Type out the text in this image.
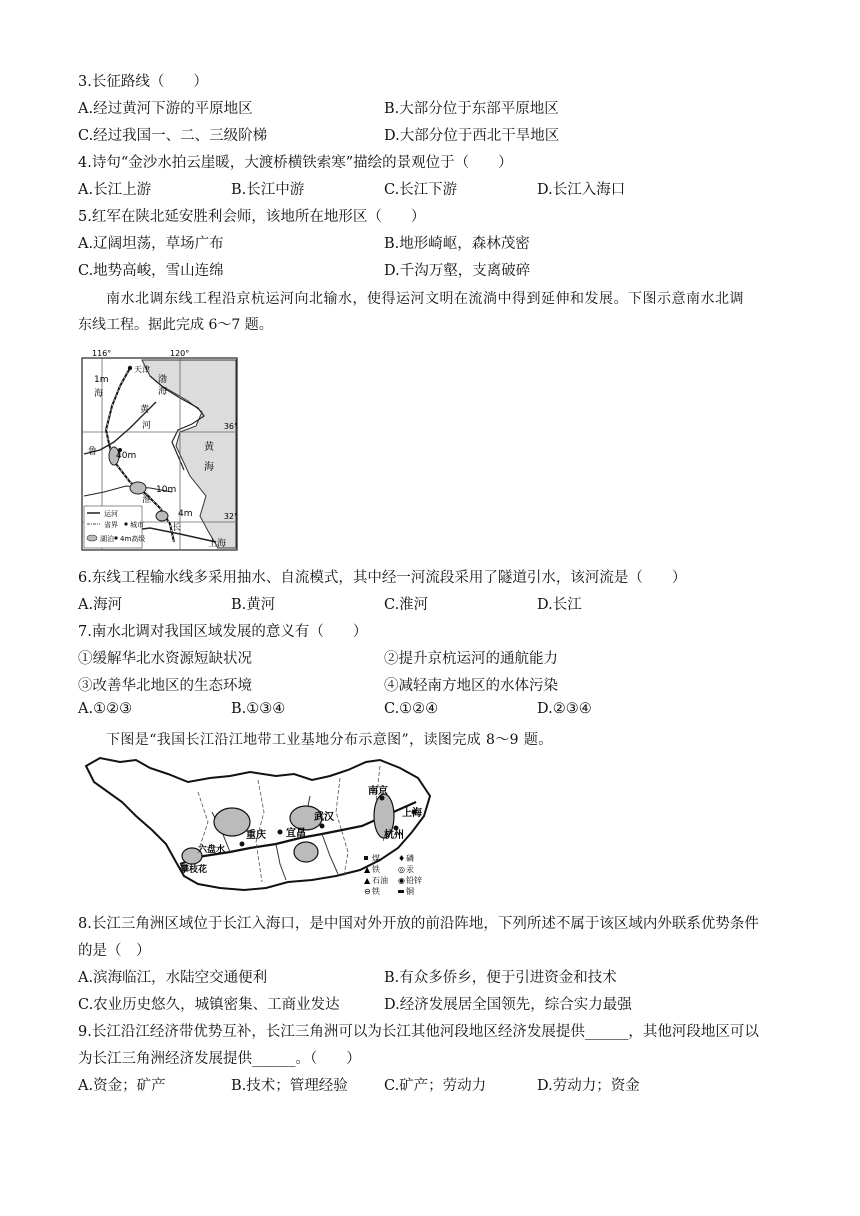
3.长征路线（　　）
A.经过黄河下游的平原地区	B.大部分位于东部平原地区
C.经过我国一、二、三级阶梯	D.大部分位于西北干旱地区
4.诗句“金沙水拍云崖暖，大渡桥横铁索寒”描绘的景观位于（　　）
A.长江上游	B.长江中游	C.长江下游	D.长江入海口
5.红军在陕北延安胜利会师，该地所在地形区（　　）
A.辽阔坦荡，草场广布	B.地形崎岖，森林茂密
C.地势高峻，雪山连绵	D.千沟万壑，支离破碎
南水北调东线工程沿京杭运河向北输水，使得运河文明在流淌中得到延伸和发展。下图示意南水北调
东线工程。据此完成 6～7 题。
116°	120°
36°
32°
天津
渤
海
1m
海
黄
河
40m
鲁	黄
海
10m
淮
4m
长
上海
运河
省界 城市
湖泊 4m高级
6.东线工程输水线多采用抽水、自流模式，其中经一河流段采用了隧道引水，该河流是（　　）
A.海河	B.黄河	C.淮河	D.长江
7.南水北调对我国区域发展的意义有（　　）
①缓解华北水资源短缺状况	②提升京杭运河的通航能力
③改善华北地区的生态环境	④减轻南方地区的水体污染
A.①②③	B.①③④	C.①②④	D.②③④
下图是“我国长江沿江地带工业基地分布示意图”，读图完成 8～9 题。
重庆 宜昌
武汉
南京
上海
杭州
六盘水
攀枝花
煤 ♦ 磷
▲ 铁 ◎ 汞
▲ 石油 ◉ 铅锌
⊖ 铁	铜
8.长江三角洲区域位于长江入海口，是中国对外开放的前沿阵地，下列所述不属于该区域内外联系优势条件
的是（　）
A.滨海临江，水陆空交通便利	B.有众多侨乡，便于引进资金和技术
C.农业历史悠久，城镇密集、工商业发达	D.经济发展居全国领先，综合实力最强
9.长江沿江经济带优势互补，长江三角洲可以为长江其他河段地区经济发展提供______，其他河段地区可以
为长江三角洲经济发展提供______。（　　）
A.资金；矿产	B.技术；管理经验 C.矿产；劳动力	D.劳动力；资金
